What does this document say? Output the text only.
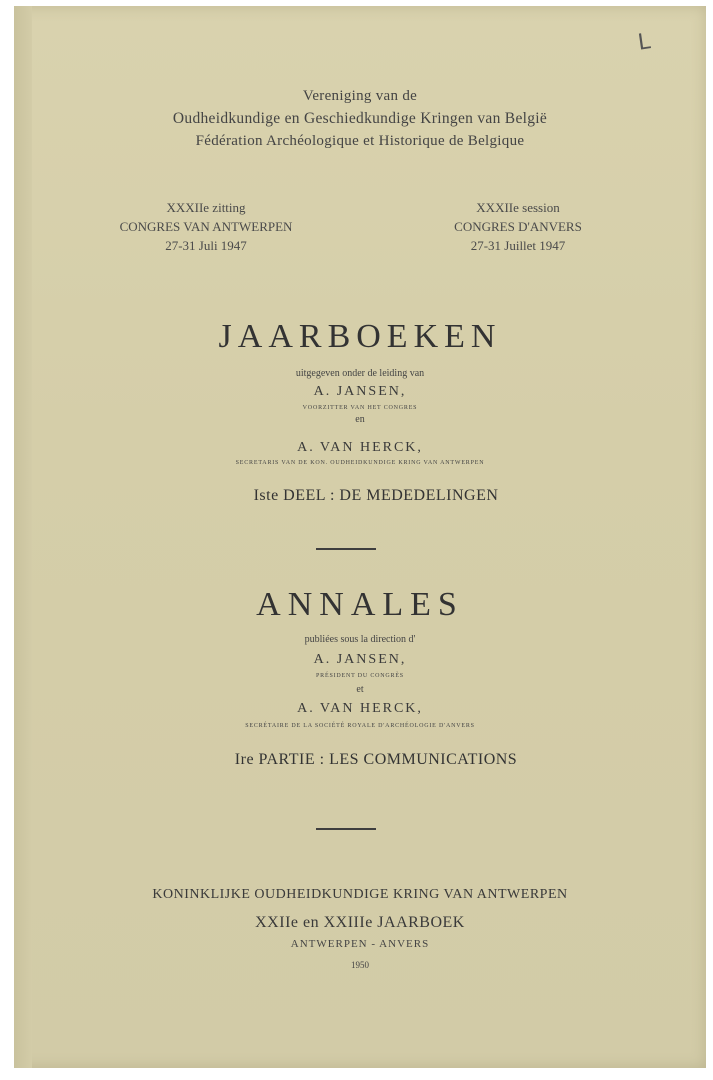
L
Vereniging van de
Oudheidkundige en Geschiedkundige Kringen van België
Fédération Archéologique et Historique de Belgique
XXXIIe zitting
CONGRES VAN ANTWERPEN
27-31 Juli 1947
XXXIIe session
CONGRES D'ANVERS
27-31 Juillet 1947
JAARBOEKEN
uitgegeven onder de leiding van
A. JANSEN,
VOORZITTER VAN HET CONGRES
en
A. VAN HERCK,
SECRETARIS VAN DE KON. OUDHEIDKUNDIGE KRING VAN ANTWERPEN
Iste DEEL : DE MEDEDELINGEN
ANNALES
publiées sous la direction d'
A. JANSEN,
PRÉSIDENT DU CONGRÈS
et
A. VAN HERCK,
SECRÉTAIRE DE LA SOCIÉTÉ ROYALE D'ARCHÉOLOGIE D'ANVERS
Ire PARTIE : LES COMMUNICATIONS
KONINKLIJKE OUDHEIDKUNDIGE KRING VAN ANTWERPEN
XXIIe en XXIIIe JAARBOEK
ANTWERPEN - ANVERS
1950
